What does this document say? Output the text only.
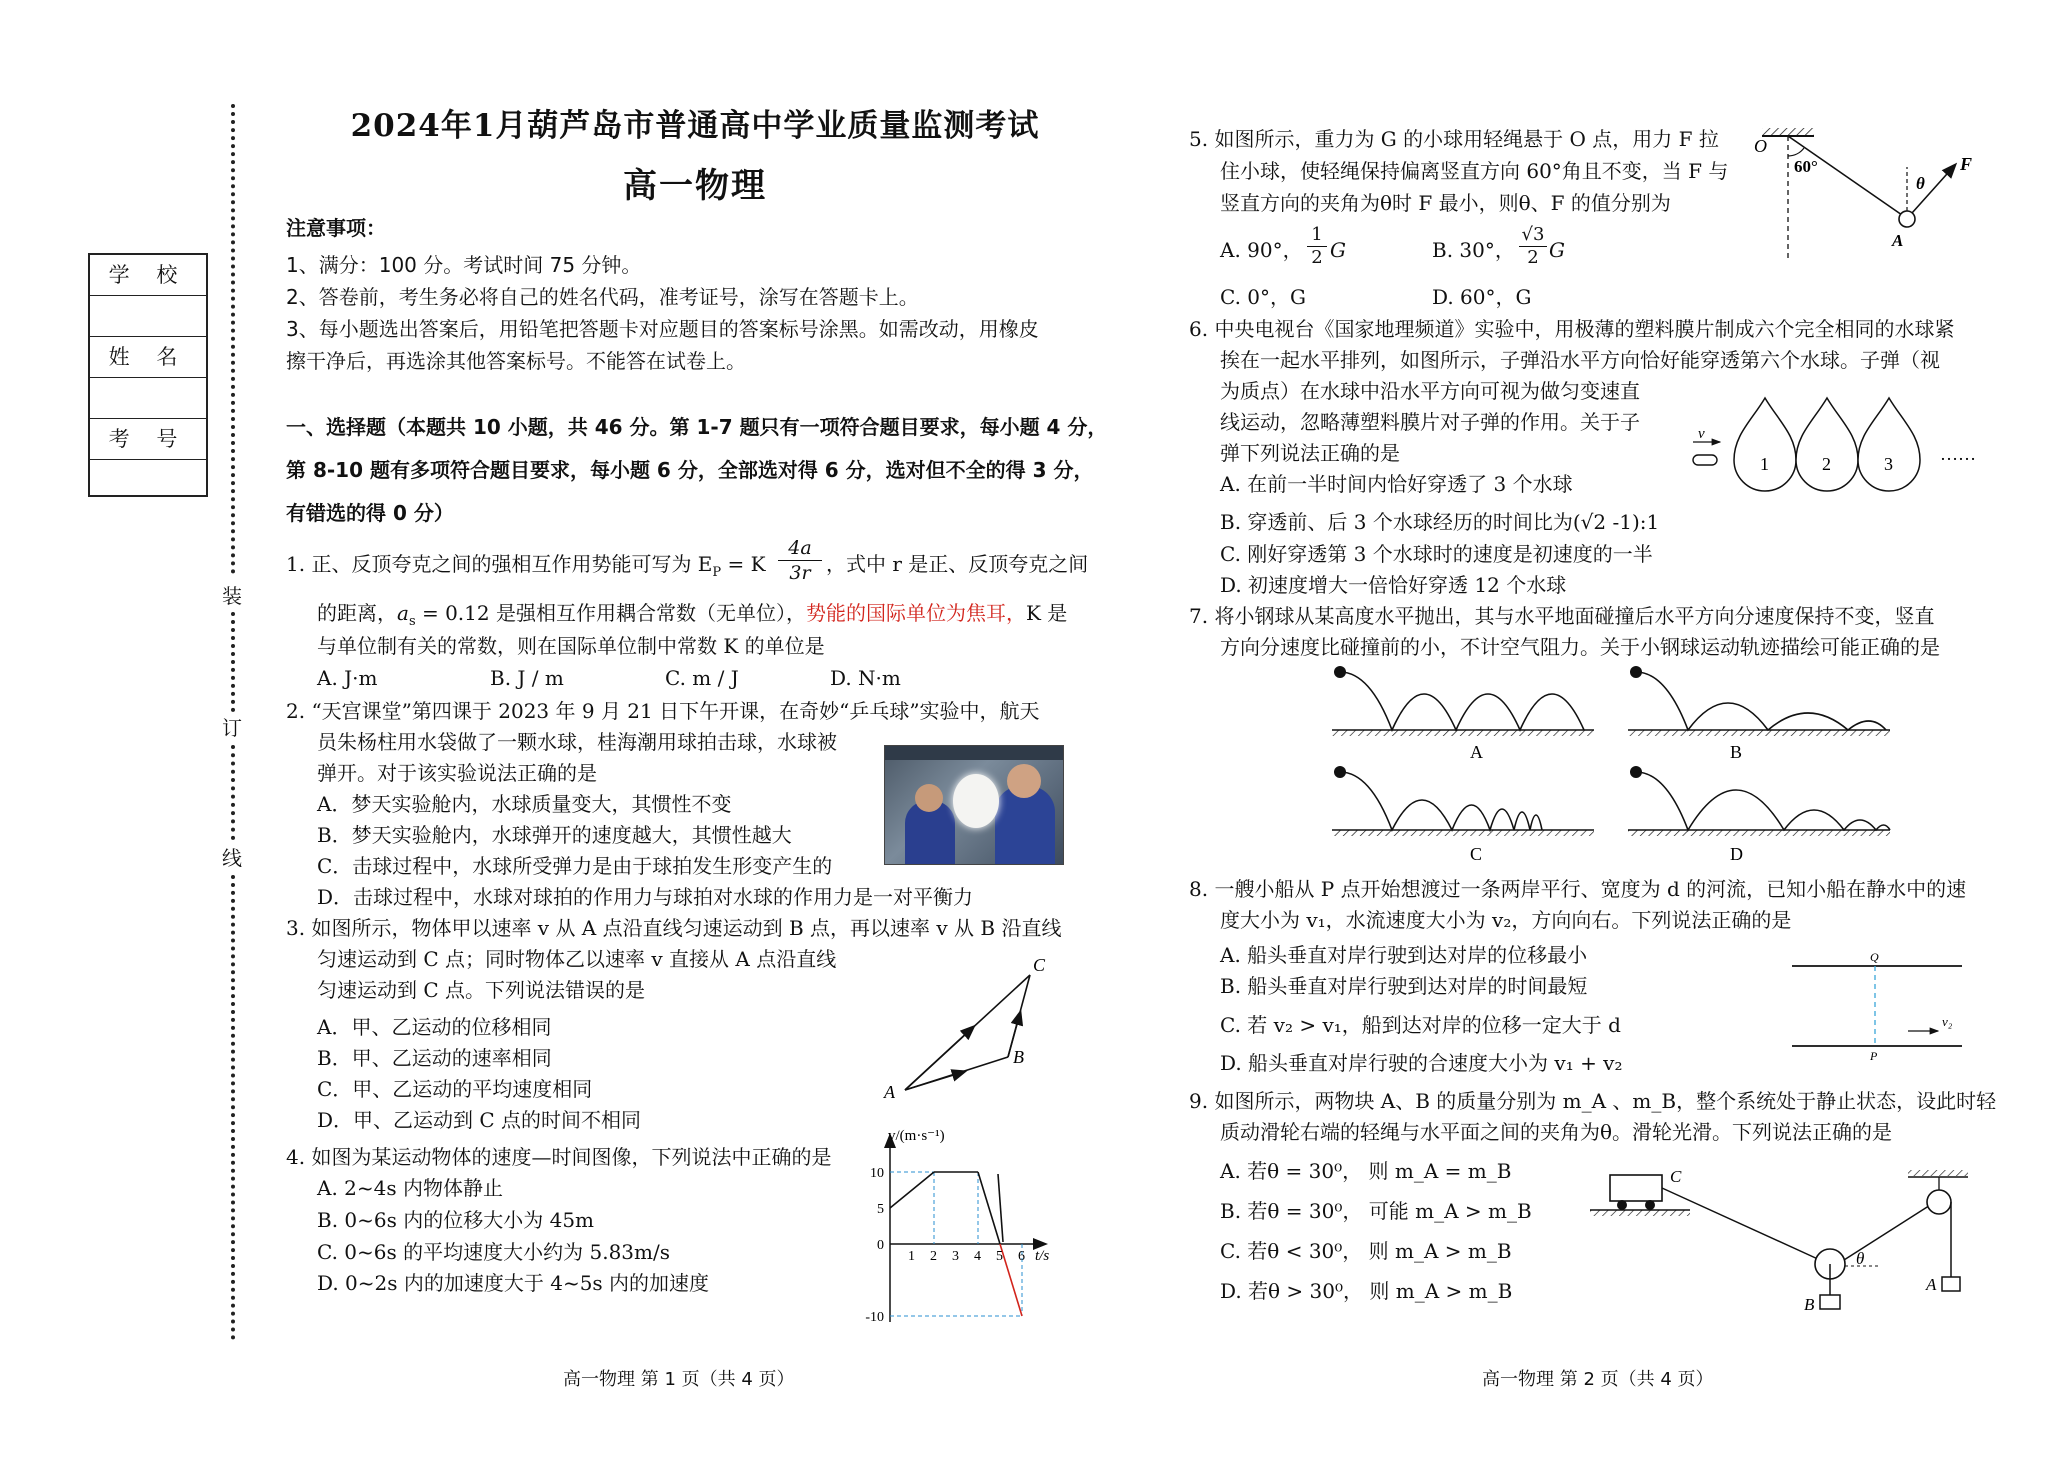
装
订
线
学 校
姓 名
考 号
2024年1月葫芦岛市普通高中学业质量监测考试
高一物理
注意事项：
1、满分：100 分。考试时间 75 分钟。
2、答卷前，考生务必将自己的姓名代码，准考证号，涂写在答题卡上。
3、每小题选出答案后，用铅笔把答题卡对应题目的答案标号涂黑。如需改动，用橡皮
擦干净后，再选涂其他答案标号。不能答在试卷上。
一、选择题（本题共 10 小题，共 46 分。第 1-7 题只有一项符合题目要求，每小题 4 分，
第 8-10 题有多项符合题目要求，每小题 6 分，全部选对得 6 分，选对但不全的得 3 分，
有错选的得 0 分）
1. 正、反顶夸克之间的强相互作用势能可写为 $E_P = K \frac{4a}{3r}$ ，式中 r 是正、反顶夸克之间
的距离，$a_s = 0.12$ 是强相互作用耦合常数（无单位），势能的国际单位为焦耳，K 是
与单位制有关的常数，则在国际单位制中常数 K 的单位是
A. J·m	B. J / m	C. m / J	D. N·m
2. “天宫课堂”第四课于 2023 年 9 月 21 日下午开课，在奇妙“乒乓球”实验中，航天
员朱杨柱用水袋做了一颗水球，桂海潮用球拍击球，水球被
弹开。对于该实验说法正确的是
A．梦天实验舱内，水球质量变大，其惯性不变
B．梦天实验舱内，水球弹开的速度越大，其惯性越大
C．击球过程中，水球所受弹力是由于球拍发生形变产生的
D．击球过程中，水球对球拍的作用力与球拍对水球的作用力是一对平衡力
3. 如图所示，物体甲以速率 v 从 A 点沿直线匀速运动到 B 点，再以速率 v 从 B 沿直线
匀速运动到 C 点；同时物体乙以速率 v 直接从 A 点沿直线
匀速运动到 C 点。下列说法错误的是
A．甲、乙运动的位移相同
B．甲、乙运动的速率相同
C．甲、乙运动的平均速度相同
D．甲、乙运动到 C 点的时间不相同
A
B
C
4. 如图为某运动物体的速度—时间图像，下列说法中正确的是
A. 2~4s 内物体静止
B. 0~6s 内的位移大小为 45m
C. 0~6s 的平均速度大小约为 5.83m/s
D. 0~2s 内的加速度大于 4~5s 内的加速度
1 2 3 4 5 6
10
5
0
-10
v/(m·s⁻¹)
t/s
高一物理 第 1 页（共 4 页）
5. 如图所示，重力为 G 的小球用轻绳悬于 O 点，用力 F 拉
住小球，使轻绳保持偏离竖直方向 60°角且不变，当 F 与
竖直方向的夹角为θ时 F 最小，则θ、F 的值分别为
A. 90°， $\frac{1}{2}$ G	B. 30°， $\frac{√3}{2}$ G
C. 0°，G	D. 60°，G
O
60°
θ
F
A
6. 中央电视台《国家地理频道》实验中，用极薄的塑料膜片制成六个完全相同的水球紧
挨在一起水平排列，如图所示，子弹沿水平方向恰好能穿透第六个水球。子弹（视
为质点）在水球中沿水平方向可视为做匀变速直
线运动，忽略薄塑料膜片对子弹的作用。关于子
弹下列说法正确的是
A. 在前一半时间内恰好穿透了 3 个水球
B. 穿透前、后 3 个水球经历的时间比为(√2 -1):1
C. 刚好穿透第 3 个水球时的速度是初速度的一半
D. 初速度增大一倍恰好穿透 12 个水球
v
1	2	3	……
7. 将小钢球从某高度水平抛出，其与水平地面碰撞后水平方向分速度保持不变，竖直
方向分速度比碰撞前的小，不计空气阻力。关于小钢球运动轨迹描绘可能正确的是
A	B
C	D
8. 一艘小船从 P 点开始想渡过一条两岸平行、宽度为 d 的河流，已知小船在静水中的速
度大小为 v₁，水流速度大小为 v₂，方向向右。下列说法正确的是
A. 船头垂直对岸行驶到达对岸的位移最小
B. 船头垂直对岸行驶到达对岸的时间最短
C. 若 v₂ > v₁，船到达对岸的位移一定大于 d
D. 船头垂直对岸行驶的合速度大小为 v₁ + v₂
Q
P
v₂
9. 如图所示，两物块 A、B 的质量分别为 m_A 、m_B，整个系统处于静止状态，设此时轻
质动滑轮右端的轻绳与水平面之间的夹角为θ。滑轮光滑。下列说法正确的是
A. 若θ = 30⁰， 则 m_A = m_B
B. 若θ = 30⁰， 可能 m_A > m_B
C. 若θ < 30⁰， 则 m_A > m_B
D. 若θ > 30⁰， 则 m_A > m_B
C
θ
B
A
高一物理 第 2 页（共 4 页）
